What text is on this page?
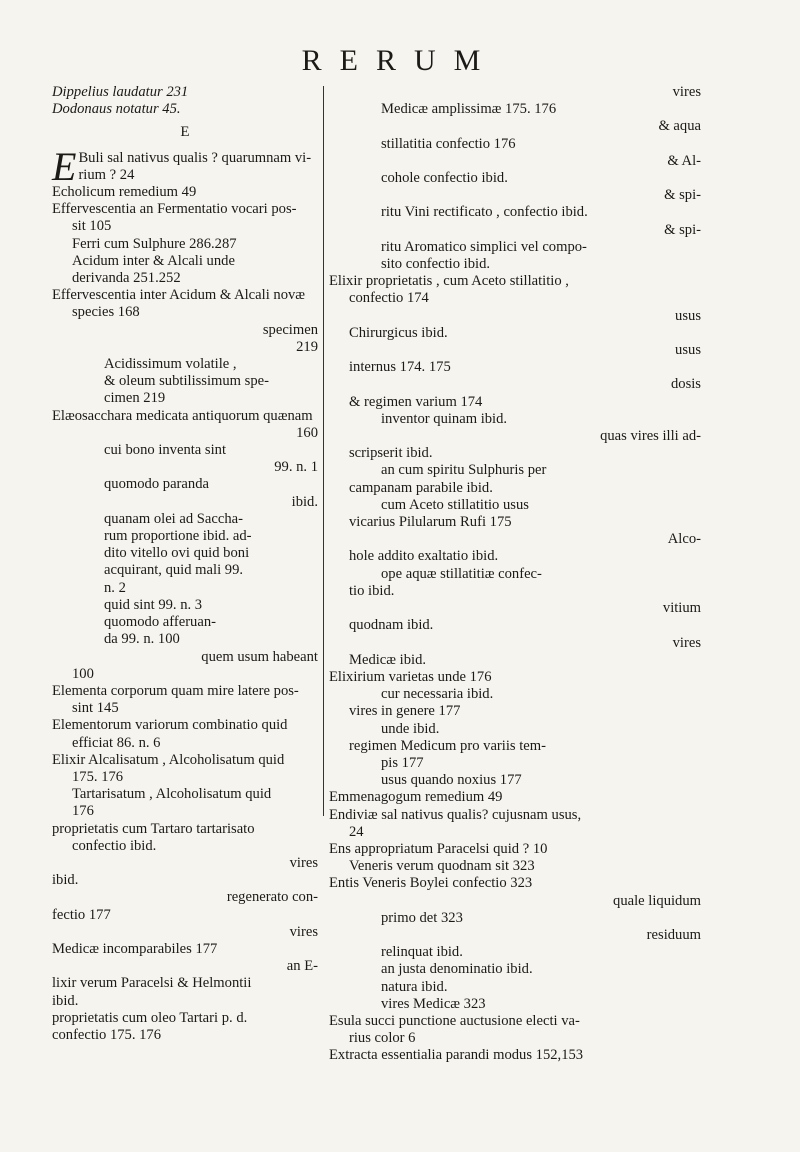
RERUM
Dippelius laudatur 231
Dodonaus notatur 45.
E
E Buli sal nativus qualis ? quarumnam vi-
rium ? 24
Echolicum remedium 49
Effervescentia an Fermentatio vocari pos-
sit 105
Ferri cum Sulphure 286.287
Acidum inter & Alcali unde
derivanda 251.252
Effervescentia inter Acidum & Alcali novæ
species 168
specimen
219
Acidissimum volatile ,
& oleum subtilissimum spe-
cimen 219
Elæosacchara medicata antiquorum quænam
160
cui bono inventa sint
99. n. 1
quomodo paranda
ibid.
quanam olei ad Saccha-
rum proportione ibid. ad-
dito vitello ovi quid boni
acquirant, quid mali 99.
n. 2
quid sint 99. n. 3
quomodo afferuan-
da 99. n. 100
quem usum habeant
100
Elementa corporum quam mire latere pos-
sint 145
Elementorum variorum combinatio quid
efficiat 86. n. 6
Elixir Alcalisatum , Alcoholisatum quid
175. 176
Tartarisatum , Alcoholisatum quid
176
proprietatis cum Tartaro tartarisato
confectio ibid.
vires
ibid.
regenerato con-
fectio 177
vires
Medicæ incomparabiles 177
an E-
lixir verum Paracelsi & Helmontii
ibid.
proprietatis cum oleo Tartari p. d.
confectio 175. 176
vires
Medicæ amplissimæ 175. 176
& aqua
stillatitia confectio 176
& Al-
cohole confectio ibid.
& spi-
ritu Vini rectificato , confectio ibid.
& spi-
ritu Aromatico simplici vel compo-
sito confectio ibid.
Elixir proprietatis , cum Aceto stillatitio ,
confectio 174
usus
Chirurgicus ibid.
usus
internus 174. 175
dosis
& regimen varium 174
inventor quinam ibid.
quas vires illi ad-
scripserit ibid.
an cum spiritu Sulphuris per
campanam parabile ibid.
cum Aceto stillatitio usus
vicarius Pilularum Rufi 175
Alco-
hole addito exaltatio ibid.
ope aquæ stillatitiæ confec-
tio ibid.
vitium
quodnam ibid.
vires
Medicæ ibid.
Elixirium varietas unde 176
cur necessaria ibid.
vires in genere 177
unde ibid.
regimen Medicum pro variis tem-
pis 177
usus quando noxius 177
Emmenagogum remedium 49
Endiviæ sal nativus qualis? cujusnam usus,
24
Ens appropriatum Paracelsi quid ? 10
Veneris verum quodnam sit 323
Entis Veneris Boylei confectio 323
quale liquidum
primo det 323
residuum
relinquat ibid.
an justa denominatio ibid.
natura ibid.
vires Medicæ 323
Esula succi punctione auctusione electi va-
rius color 6
Extracta essentialia parandi modus 152,153
